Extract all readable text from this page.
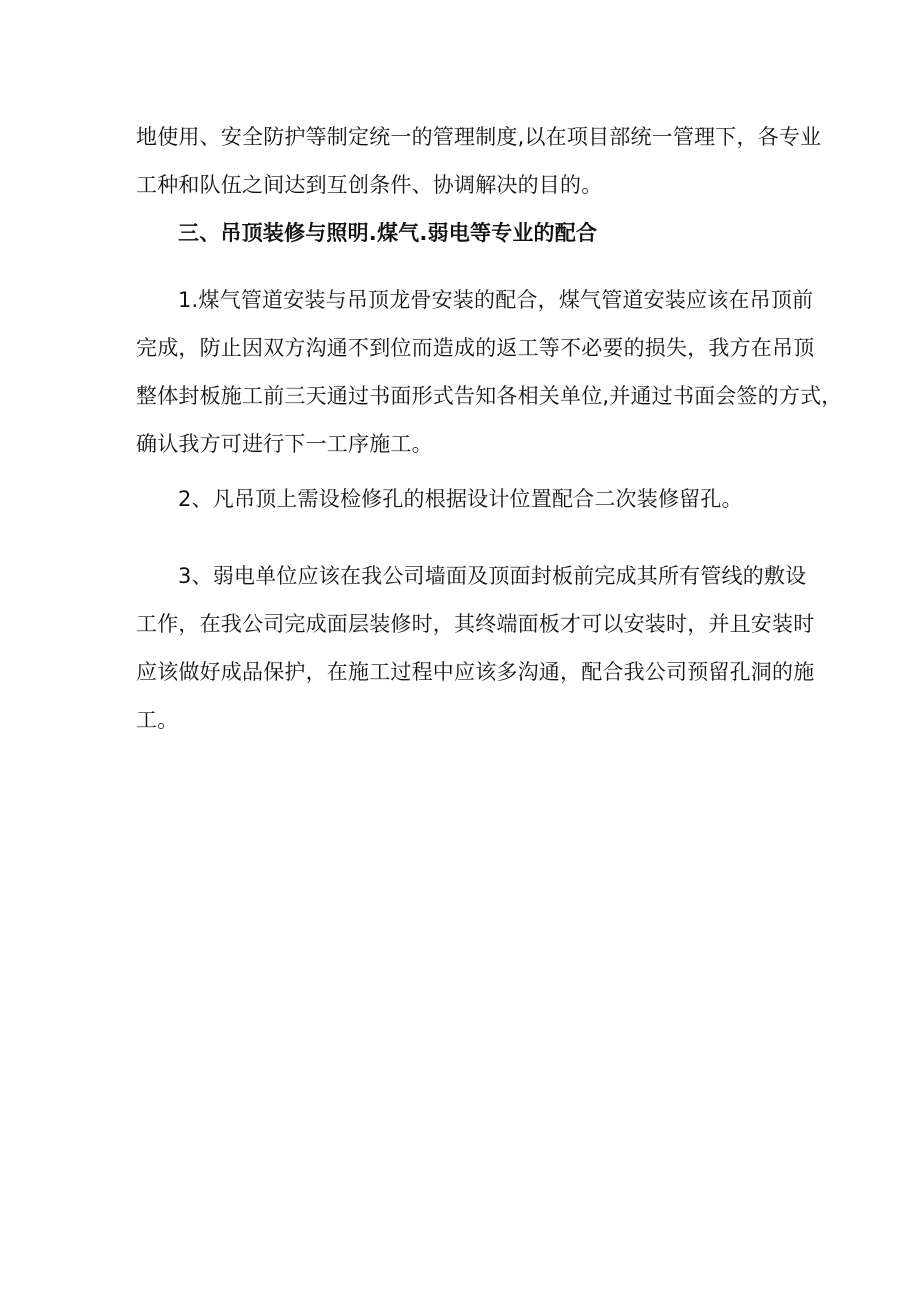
地使用、安全防护等制定统一的管理制度,以在项目部统一管理下，各专业
工种和队伍之间达到互创条件、协调解决的目的。
三、吊顶装修与照明.煤气.弱电等专业的配合
1.煤气管道安装与吊顶龙骨安装的配合，煤气管道安装应该在吊顶前
完成，防止因双方沟通不到位而造成的返工等不必要的损失，我方在吊顶
整体封板施工前三天通过书面形式告知各相关单位,并通过书面会签的方式，
确认我方可进行下一工序施工。
2、凡吊顶上需设检修孔的根据设计位置配合二次装修留孔。
3、弱电单位应该在我公司墙面及顶面封板前完成其所有管线的敷设
工作，在我公司完成面层装修时，其终端面板才可以安装时，并且安装时
应该做好成品保护，在施工过程中应该多沟通，配合我公司预留孔洞的施
工。
